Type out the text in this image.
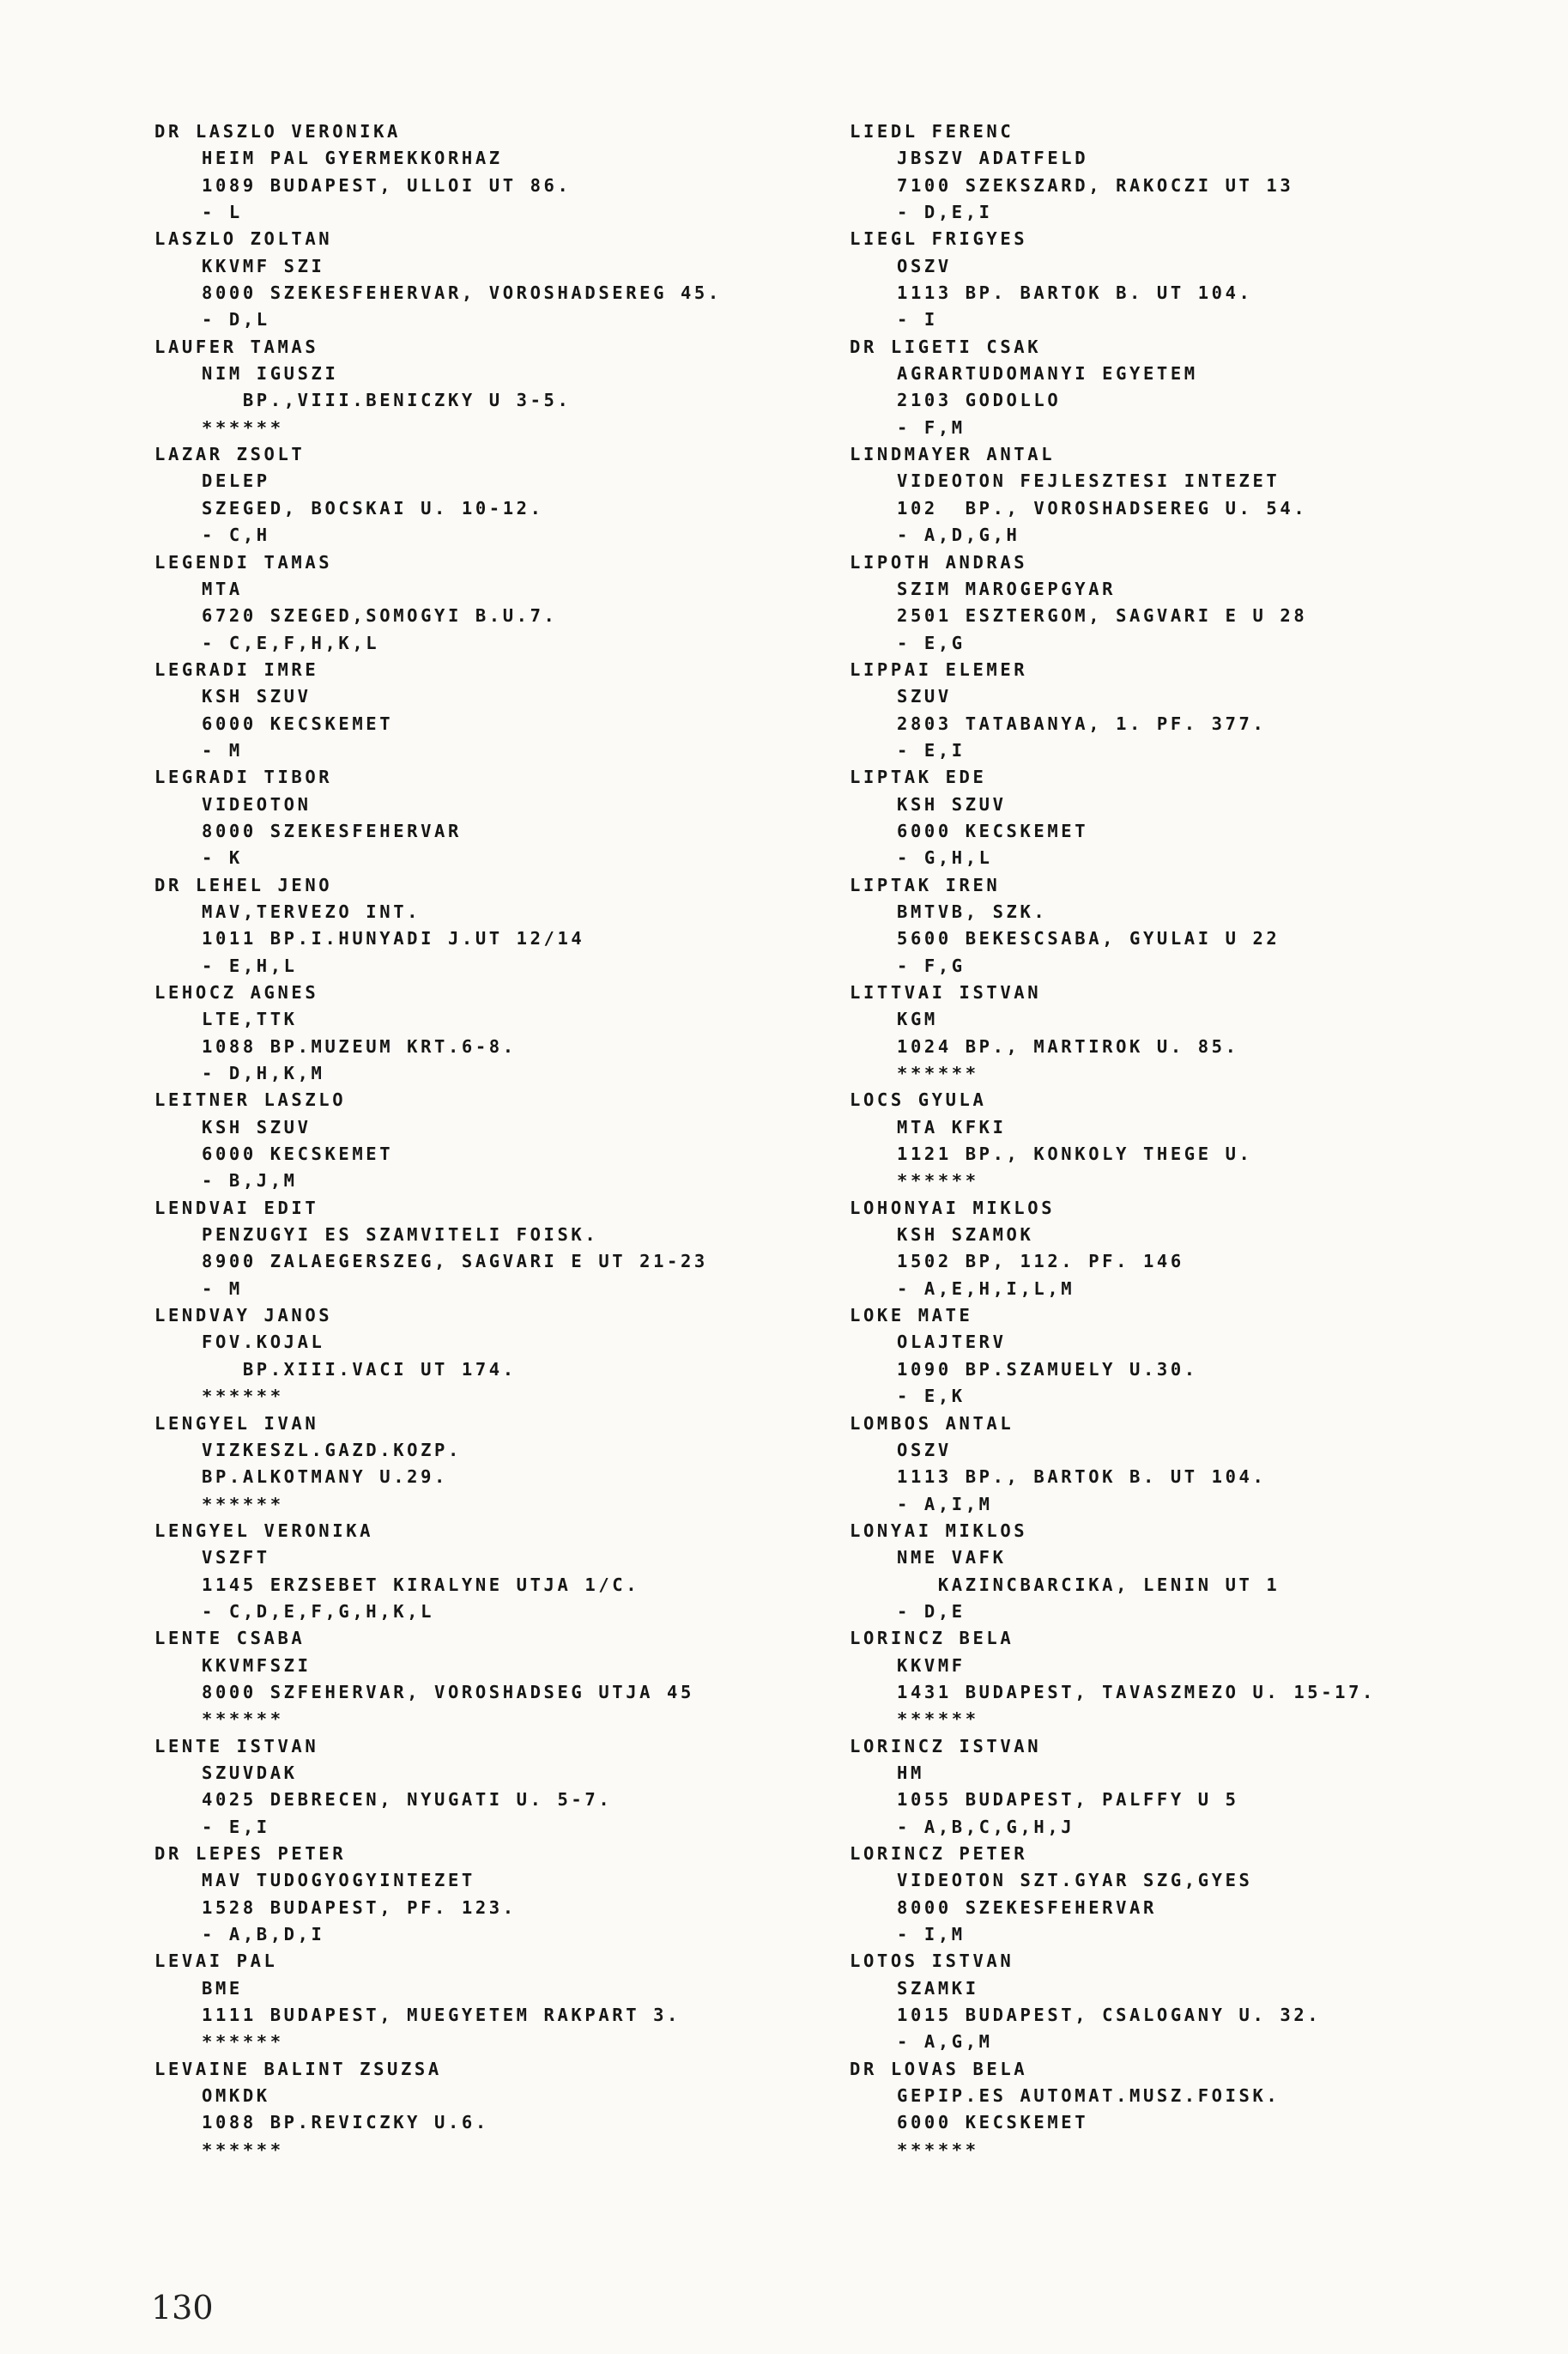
DR LASZLO VERONIKA
HEIM PAL GYERMEKKORHAZ
1089 BUDAPEST, ULLOI UT 86.
- L
LASZLO ZOLTAN
KKVMF SZI
8000 SZEKESFEHERVAR, VOROSHADSEREG 45.
- D,L
LAUFER TAMAS
NIM IGUSZI
BP.,VIII.BENICZKY U 3-5.
******
LAZAR ZSOLT
DELEP
SZEGED, BOCSKAI U. 10-12.
- C,H
LEGENDI TAMAS
MTA
6720 SZEGED,SOMOGYI B.U.7.
- C,E,F,H,K,L
LEGRADI IMRE
KSH SZUV
6000 KECSKEMET
- M
LEGRADI TIBOR
VIDEOTON
8000 SZEKESFEHERVAR
- K
DR LEHEL JENO
MAV,TERVEZO INT.
1011 BP.I.HUNYADI J.UT 12/14
- E,H,L
LEHOCZ AGNES
LTE,TTK
1088 BP.MUZEUM KRT.6-8.
- D,H,K,M
LEITNER LASZLO
KSH SZUV
6000 KECSKEMET
- B,J,M
LENDVAI EDIT
PENZUGYI ES SZAMVITELI FOISK.
8900 ZALAEGERSZEG, SAGVARI E UT 21-23
- M
LENDVAY JANOS
FOV.KOJAL
BP.XIII.VACI UT 174.
******
LENGYEL IVAN
VIZKESZL.GAZD.KOZP.
BP.ALKOTMANY U.29.
******
LENGYEL VERONIKA
VSZFT
1145 ERZSEBET KIRALYNE UTJA 1/C.
- C,D,E,F,G,H,K,L
LENTE CSABA
KKVMFSZI
8000 SZFEHERVAR, VOROSHADSEG UTJA 45
******
LENTE ISTVAN
SZUVDAK
4025 DEBRECEN, NYUGATI U. 5-7.
- E,I
DR LEPES PETER
MAV TUDOGYOGYINTEZET
1528 BUDAPEST, PF. 123.
- A,B,D,I
LEVAI PAL
BME
1111 BUDAPEST, MUEGYETEM RAKPART 3.
******
LEVAINE BALINT ZSUZSA
OMKDK
1088 BP.REVICZKY U.6.
******
LIEDL FERENC
JBSZV ADATFELD
7100 SZEKSZARD, RAKOCZI UT 13
- D,E,I
LIEGL FRIGYES
OSZV
1113 BP. BARTOK B. UT 104.
- I
DR LIGETI CSAK
AGRARTUDOMANYI EGYETEM
2103 GODOLLO
- F,M
LINDMAYER ANTAL
VIDEOTON FEJLESZTESI INTEZET
102  BP., VOROSHADSEREG U. 54.
- A,D,G,H
LIPOTH ANDRAS
SZIM MAROGEPGYAR
2501 ESZTERGOM, SAGVARI E U 28
- E,G
LIPPAI ELEMER
SZUV
2803 TATABANYA, 1. PF. 377.
- E,I
LIPTAK EDE
KSH SZUV
6000 KECSKEMET
- G,H,L
LIPTAK IREN
BMTVB, SZK.
5600 BEKESCSABA, GYULAI U 22
- F,G
LITTVAI ISTVAN
KGM
1024 BP., MARTIROK U. 85.
******
LOCS GYULA
MTA KFKI
1121 BP., KONKOLY THEGE U.
******
LOHONYAI MIKLOS
KSH SZAMOK
1502 BP, 112. PF. 146
- A,E,H,I,L,M
LOKE MATE
OLAJTERV
1090 BP.SZAMUELY U.30.
- E,K
LOMBOS ANTAL
OSZV
1113 BP., BARTOK B. UT 104.
- A,I,M
LONYAI MIKLOS
NME VAFK
KAZINCBARCIKA, LENIN UT 1
- D,E
LORINCZ BELA
KKVMF
1431 BUDAPEST, TAVASZMEZO U. 15-17.
******
LORINCZ ISTVAN
HM
1055 BUDAPEST, PALFFY U 5
- A,B,C,G,H,J
LORINCZ PETER
VIDEOTON SZT.GYAR SZG,GYES
8000 SZEKESFEHERVAR
- I,M
LOTOS ISTVAN
SZAMKI
1015 BUDAPEST, CSALOGANY U. 32.
- A,G,M
DR LOVAS BELA
GEPIP.ES AUTOMAT.MUSZ.FOISK.
6000 KECSKEMET
******
130
